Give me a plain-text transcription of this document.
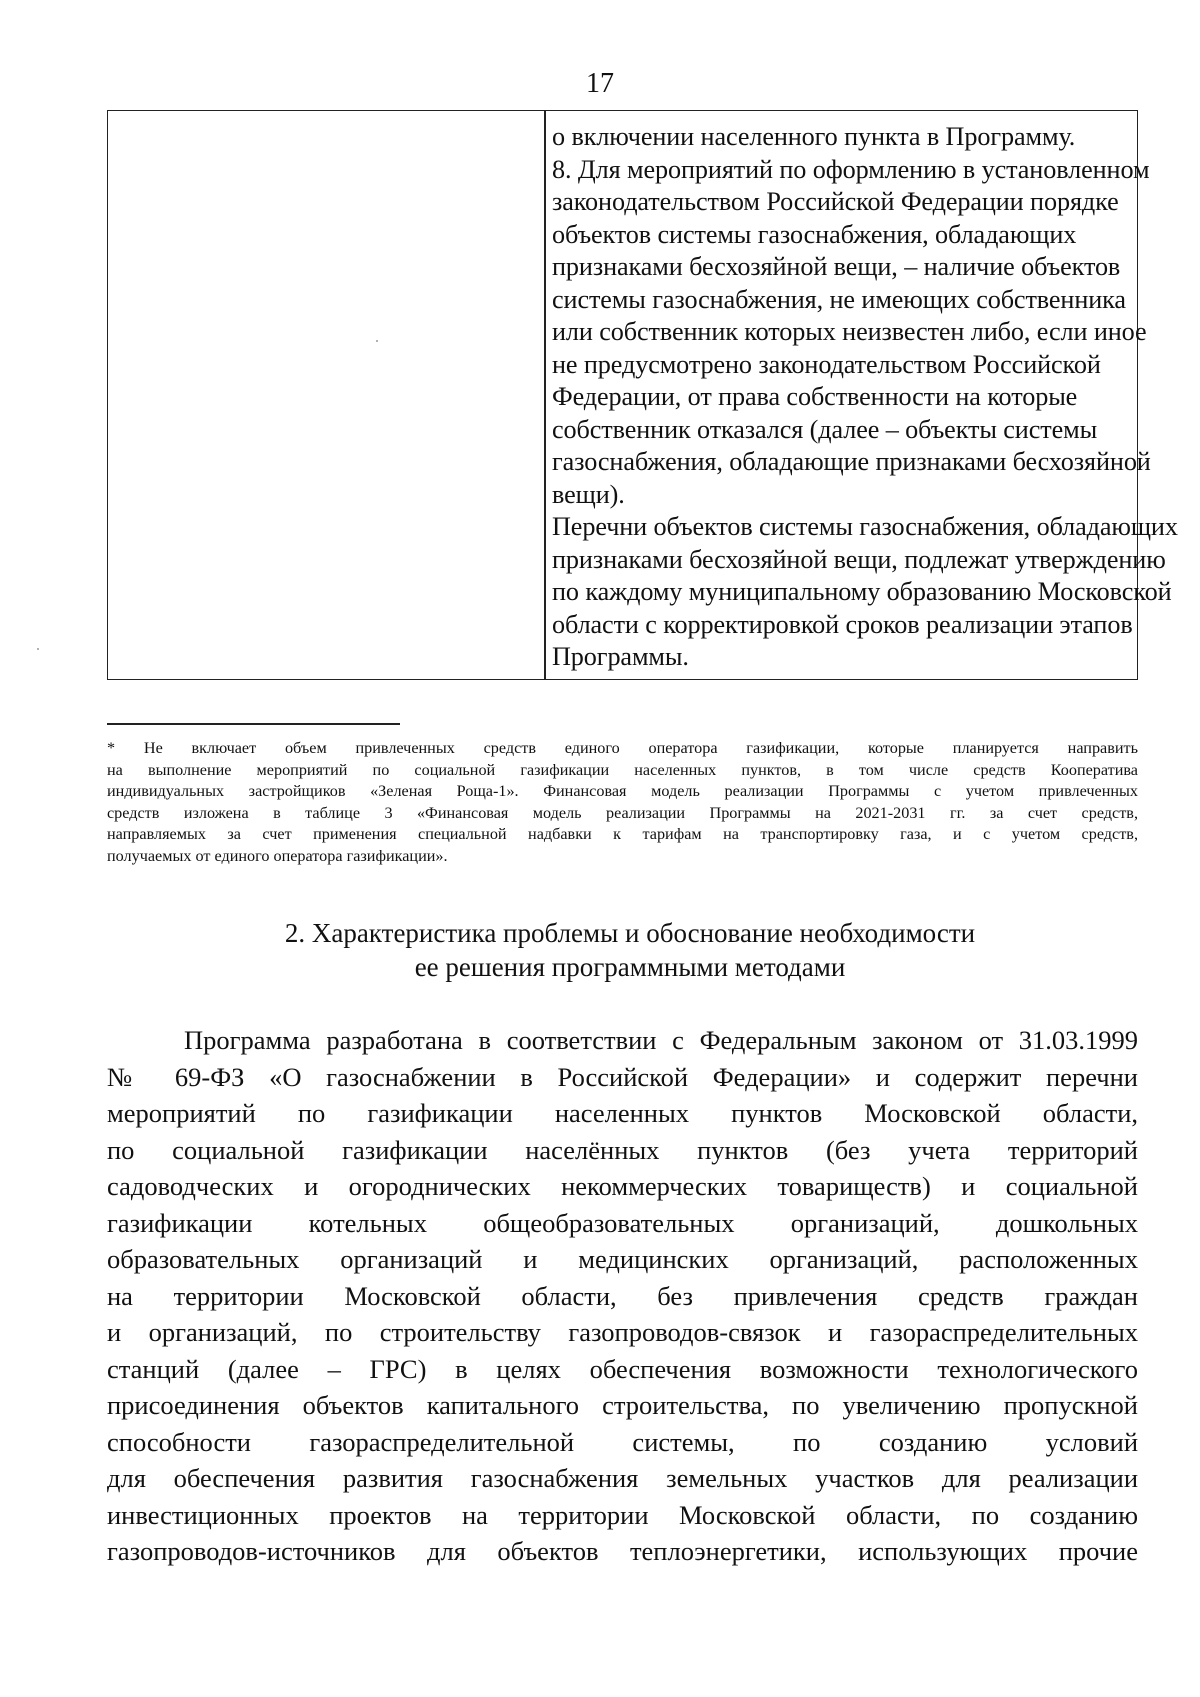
17
о включении населенного пункта в Программу.
8. Для мероприятий по оформлению в установленном
законодательством Российской Федерации порядке
объектов системы газоснабжения, обладающих
признаками бесхозяйной вещи, – наличие объектов
системы газоснабжения, не имеющих собственника
или собственник которых неизвестен либо, если иное
не предусмотрено законодательством Российской
Федерации, от права собственности на которые
собственник отказался (далее – объекты системы
газоснабжения, обладающие признаками бесхозяйной
вещи).
Перечни объектов системы газоснабжения, обладающих
признаками бесхозяйной вещи, подлежат утверждению
по каждому муниципальному образованию Московской
области с корректировкой сроков реализации этапов
Программы.
* Не включает объем привлеченных средств единого оператора газификации, которые планируется направить
на выполнение мероприятий по социальной газификации населенных пунктов, в том числе средств Кооператива
индивидуальных застройщиков «Зеленая Роща-1». Финансовая модель реализации Программы с учетом привлеченных
средств изложена в таблице 3 «Финансовая модель реализации Программы на 2021-2031 гг. за счет средств,
направляемых за счет применения специальной надбавки к тарифам на транспортировку газа, и с учетом средств,
получаемых от единого оператора газификации».
2. Характеристика проблемы и обоснование необходимости
ее решения программными методами
Программа разработана в соответствии с Федеральным законом от 31.03.1999
№ 69-ФЗ «О газоснабжении в Российской Федерации» и содержит перечни
мероприятий по газификации населенных пунктов Московской области,
по социальной газификации населённых пунктов (без учета территорий
садоводческих и огороднических некоммерческих товариществ) и социальной
газификации котельных общеобразовательных организаций, дошкольных
образовательных организаций и медицинских организаций, расположенных
на территории Московской области, без привлечения средств граждан
и организаций, по строительству газопроводов-связок и газораспределительных
станций (далее – ГРС) в целях обеспечения возможности технологического
присоединения объектов капитального строительства, по увеличению пропускной
способности газораспределительной системы, по созданию условий
для обеспечения развития газоснабжения земельных участков для реализации
инвестиционных проектов на территории Московской области, по созданию
газопроводов-источников для объектов теплоэнергетики, использующих прочие
